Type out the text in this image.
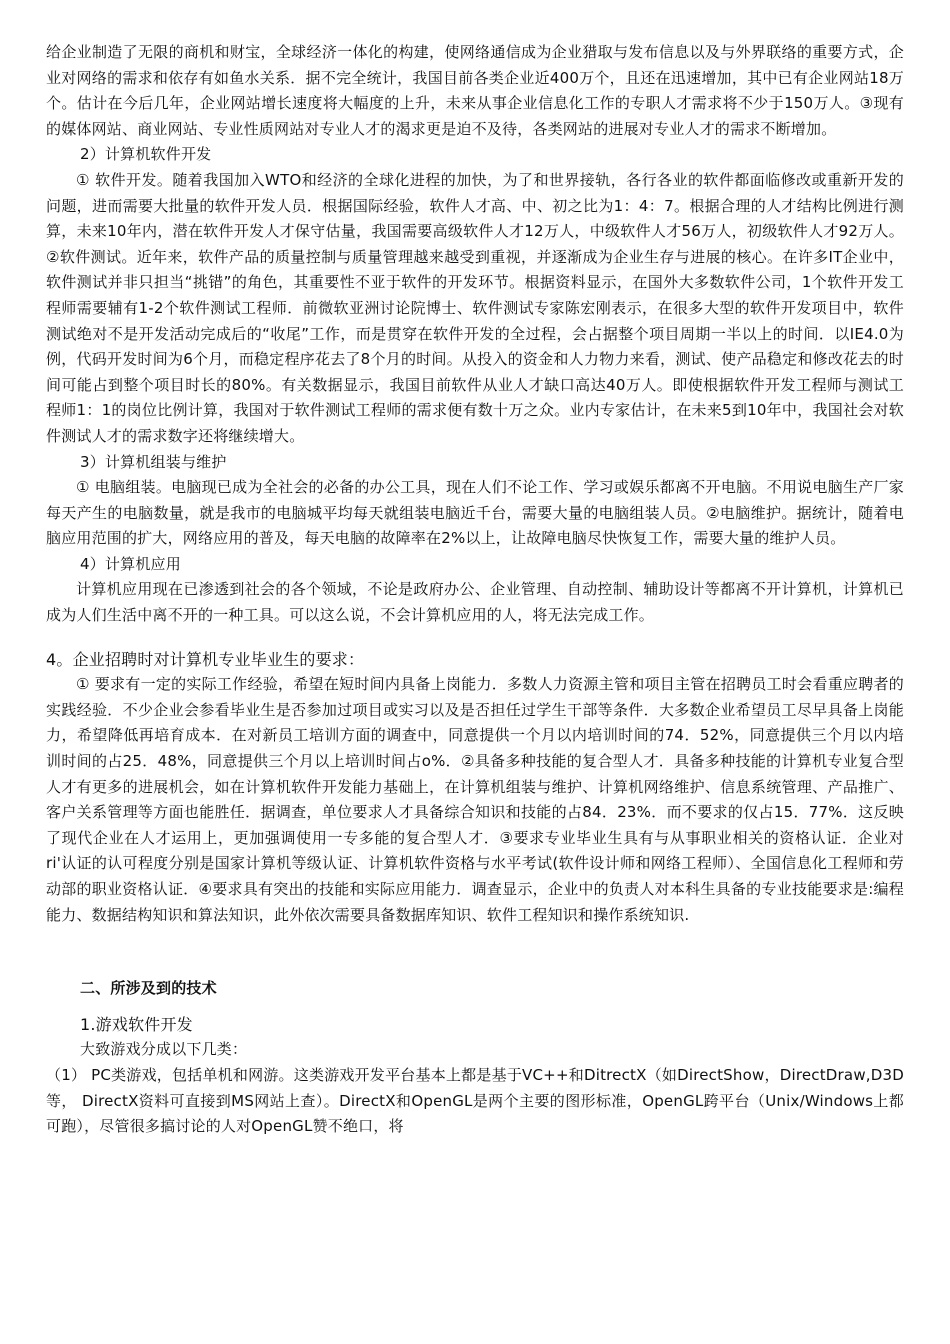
给企业制造了无限的商机和财宝，全球经济一体化的构建，使网络通信成为企业猎取与发布信息以及与外界联络的重要方式，企业对网络的需求和依存有如鱼水关系．据不完全统计，我国目前各类企业近400万个，且还在迅速增加，其中已有企业网站18万个。估计在今后几年，企业网站增长速度将大幅度的上升，未来从事企业信息化工作的专职人才需求将不少于150万人。③现有的媒体网站、商业网站、专业性质网站对专业人才的渴求更是迫不及待，各类网站的进展对专业人才的需求不断增加。

2）计算机软件开发

① 软件开发。随着我国加入WTO和经济的全球化进程的加快，为了和世界接轨，各行各业的软件都面临修改或重新开发的问题，进而需要大批量的软件开发人员．根据国际经验，软件人才高、中、初之比为1：4：7。根据合理的人才结构比例进行测算，未来10年内，潜在软件开发人才保守估量，我国需要高级软件人才12万人，中级软件人才56万人，初级软件人才92万人。②软件测试。近年来，软件产品的质量控制与质量管理越来越受到重视，并逐渐成为企业生存与进展的核心。在许多IT企业中，软件测试并非只担当“挑错”的角色，其重要性不亚于软件的开发环节。根据资料显示，在国外大多数软件公司，1个软件开发工程师需要辅有1-2个软件测试工程师．前微软亚洲讨论院博士、软件测试专家陈宏刚表示，在很多大型的软件开发项目中，软件测试绝对不是开发活动完成后的“收尾”工作，而是贯穿在软件开发的全过程，会占据整个项目周期一半以上的时间．以IE4.0为例，代码开发时间为6个月，而稳定程序花去了8个月的时间。从投入的资金和人力物力来看，测试、使产品稳定和修改花去的时间可能占到整个项目时长的80%。有关数据显示，我国目前软件从业人才缺口高达40万人。即使根据软件开发工程师与测试工程师1：1的岗位比例计算，我国对于软件测试工程师的需求便有数十万之众。业内专家估计，在未来5到10年中，我国社会对软件测试人才的需求数字还将继续增大。

3）计算机组装与维护

① 电脑组装。电脑现已成为全社会的必备的办公工具，现在人们不论工作、学习或娱乐都离不开电脑。不用说电脑生产厂家每天产生的电脑数量，就是我市的电脑城平均每天就组装电脑近千台，需要大量的电脑组装人员。②电脑维护。据统计，随着电脑应用范围的扩大，网络应用的普及，每天电脑的故障率在2%以上，让故障电脑尽快恢复工作，需要大量的维护人员。

4）计算机应用

计算机应用现在已渗透到社会的各个领域，不论是政府办公、企业管理、自动控制、辅助设计等都离不开计算机，计算机已成为人们生活中离不开的一种工具。可以这么说，不会计算机应用的人，将无法完成工作。

4。企业招聘时对计算机专业毕业生的要求：

① 要求有一定的实际工作经验，希望在短时间内具备上岗能力．多数人力资源主管和项目主管在招聘员工时会看重应聘者的实践经验．不少企业会参看毕业生是否参加过项目或实习以及是否担任过学生干部等条件．大多数企业希望员工尽早具备上岗能力，希望降低再培育成本．在对新员工培训方面的调查中，同意提供一个月以内培训时间的74．52%，同意提供三个月以内培训时间的占25．48%，同意提供三个月以上培训时间占o%．②具备多种技能的复合型人才．具备多种技能的计算机专业复合型人才有更多的进展机会，如在计算机软件开发能力基础上，在计算机组装与维护、计算机网络维护、信息系统管理、产品推广、客户关系管理等方面也能胜任．据调查，单位要求人才具备综合知识和技能的占84．23%．而不要求的仅占15．77%．这反映了现代企业在人才运用上，更加强调使用一专多能的复合型人才．③要求专业毕业生具有与从事职业相关的资格认证．企业对ri'认证的认可程度分别是国家计算机等级认证、计算机软件资格与水平考试(软件设计师和网络工程师）、全国信息化工程师和劳动部的职业资格认证．④要求具有突出的技能和实际应用能力．调查显示，企业中的负责人对本科生具备的专业技能要求是:编程能力、数据结构知识和算法知识，此外依次需要具备数据库知识、软件工程知识和操作系统知识.

二、所涉及到的技术

1.游戏软件开发

大致游戏分成以下几类：

（1） PC类游戏，包括单机和网游。这类游戏开发平台基本上都是基于VC++和DitrectX（如DirectShow，DirectDraw,D3D等， DirectX资料可直接到MS网站上查）。DirectX和OpenGL是两个主要的图形标准，OpenGL跨平台（Unix/Windows上都可跑），尽管很多搞讨论的人对OpenGL赞不绝口，将
